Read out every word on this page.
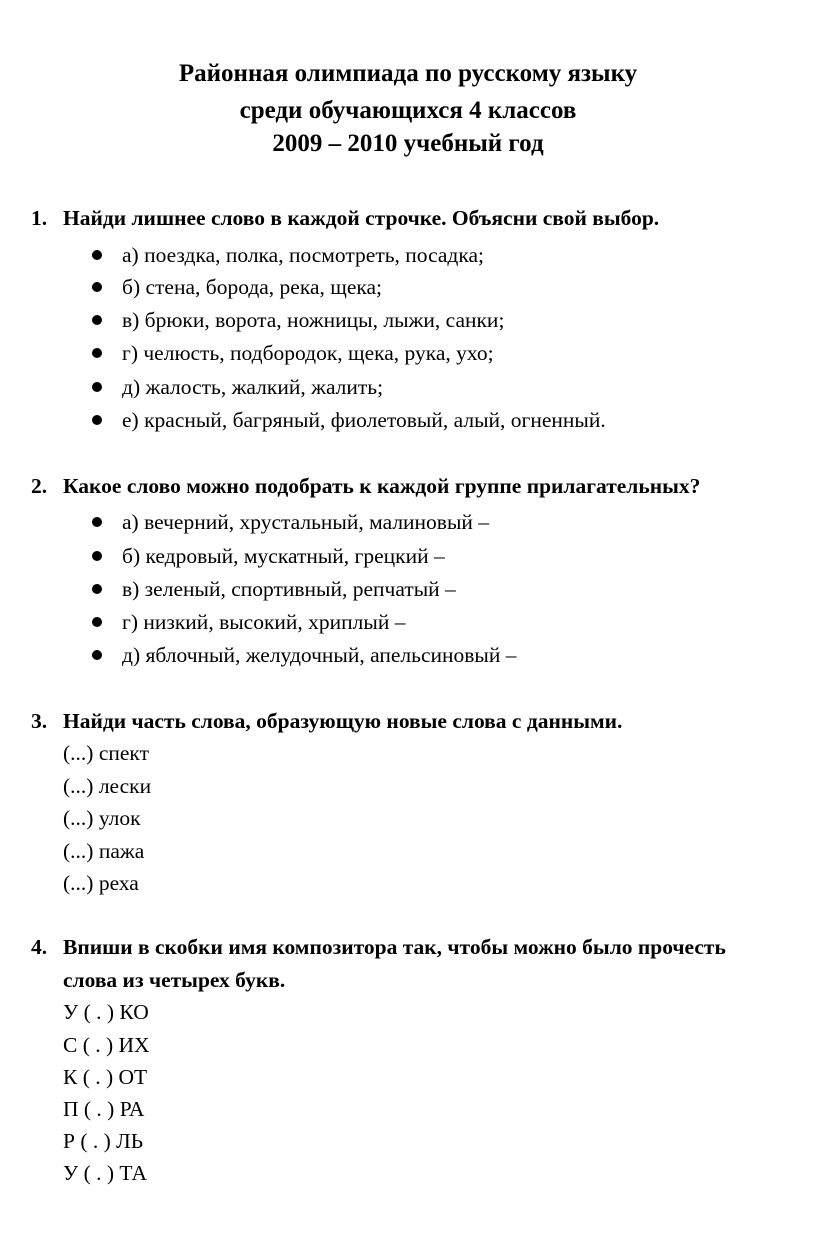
Районная олимпиада по русскому языку
среди обучающихся 4 классов
2009 – 2010 учебный год
1. Найди лишнее слово в каждой строчке. Объясни свой выбор.
а) поездка, полка, посмотреть, посадка;
б) стена, борода, река, щека;
в) брюки, ворота, ножницы, лыжи, санки;
г) челюсть, подбородок, щека, рука, ухо;
д) жалость, жалкий, жалить;
е) красный, багряный, фиолетовый, алый, огненный.
2. Какое слово можно подобрать к каждой группе прилагательных?
а) вечерний, хрустальный, малиновый –
б) кедровый, мускатный, грецкий –
в) зеленый, спортивный, репчатый –
г) низкий, высокий, хриплый –
д) яблочный, желудочный, апельсиновый –
3. Найди часть слова, образующую новые слова с данными.
(...) спект
(...) лески
(...) улок
(...) пажа
(...) реха
4. Впиши в скобки имя композитора так, чтобы можно было прочесть
слова из четырех букв.
У ( . ) КО
С ( . ) ИХ
К ( . ) ОТ
П ( . ) РА
Р ( . ) ЛЬ
У ( . ) ТА
